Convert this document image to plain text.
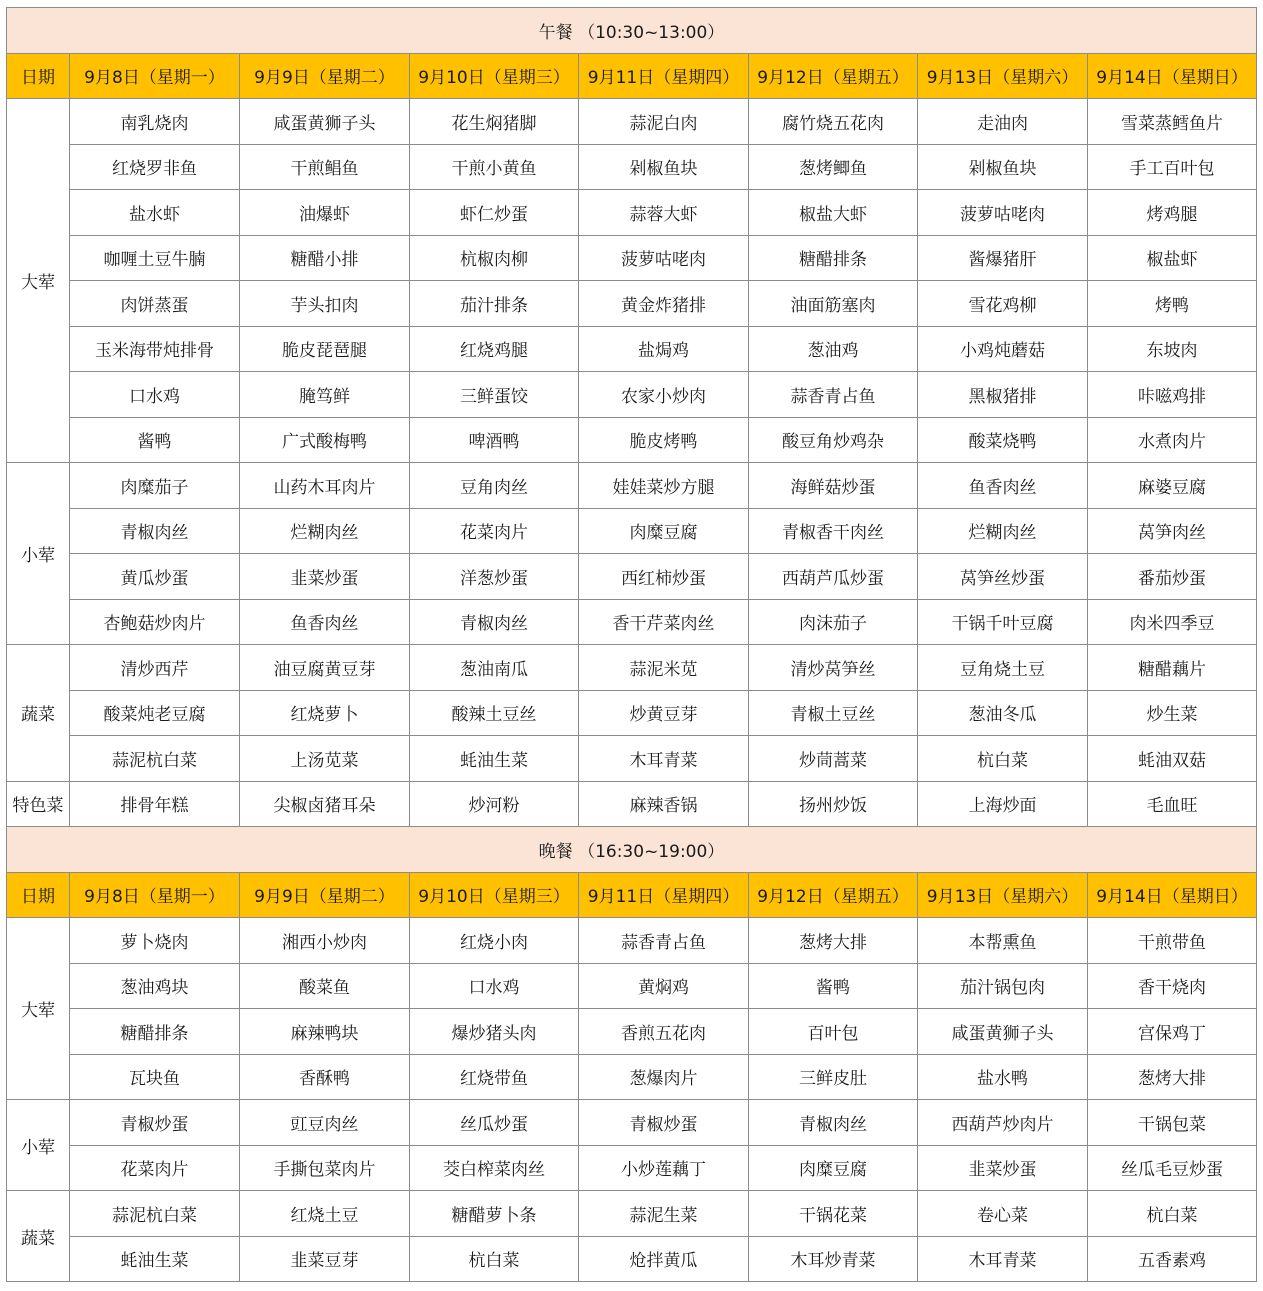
午餐 （10:30~13:00）							
日期	9月8日（星期一）	9月9日（星期二）	9月10日（星期三）	9月11日（星期四）	9月12日（星期五）	9月13日（星期六）	9月14日（星期日）
大荤	南乳烧肉	咸蛋黄狮子头	花生焖猪脚	蒜泥白肉	腐竹烧五花肉	走油肉	雪菜蒸鳕鱼片
	红烧罗非鱼	干煎鲳鱼	干煎小黄鱼	剁椒鱼块	葱烤鲫鱼	剁椒鱼块	手工百叶包
	盐水虾	油爆虾	虾仁炒蛋	蒜蓉大虾	椒盐大虾	菠萝咕咾肉	烤鸡腿
	咖喱土豆牛腩	糖醋小排	杭椒肉柳	菠萝咕咾肉	糖醋排条	酱爆猪肝	椒盐虾
	肉饼蒸蛋	芋头扣肉	茄汁排条	黄金炸猪排	油面筋塞肉	雪花鸡柳	烤鸭
	玉米海带炖排骨	脆皮琵琶腿	红烧鸡腿	盐焗鸡	葱油鸡	小鸡炖蘑菇	东坡肉
	口水鸡	腌笃鲜	三鲜蛋饺	农家小炒肉	蒜香青占鱼	黑椒猪排	咔嗞鸡排
	酱鸭	广式酸梅鸭	啤酒鸭	脆皮烤鸭	酸豆角炒鸡杂	酸菜烧鸭	水煮肉片
小荤	肉糜茄子	山药木耳肉片	豆角肉丝	娃娃菜炒方腿	海鲜菇炒蛋	鱼香肉丝	麻婆豆腐
	青椒肉丝	烂糊肉丝	花菜肉片	肉糜豆腐	青椒香干肉丝	烂糊肉丝	莴笋肉丝
	黄瓜炒蛋	韭菜炒蛋	洋葱炒蛋	西红柿炒蛋	西葫芦瓜炒蛋	莴笋丝炒蛋	番茄炒蛋
	杏鲍菇炒肉片	鱼香肉丝	青椒肉丝	香干芹菜肉丝	肉沫茄子	干锅千叶豆腐	肉米四季豆
蔬菜	清炒西芹	油豆腐黄豆芽	葱油南瓜	蒜泥米苋	清炒莴笋丝	豆角烧土豆	糖醋藕片
	酸菜炖老豆腐	红烧萝卜	酸辣土豆丝	炒黄豆芽	青椒土豆丝	葱油冬瓜	炒生菜
	蒜泥杭白菜	上汤苋菜	蚝油生菜	木耳青菜	炒茼蒿菜	杭白菜	蚝油双菇
特色菜	排骨年糕	尖椒卤猪耳朵	炒河粉	麻辣香锅	扬州炒饭	上海炒面	毛血旺
晚餐 （16:30~19:00）							
日期	9月8日（星期一）	9月9日（星期二）	9月10日（星期三）	9月11日（星期四）	9月12日（星期五）	9月13日（星期六）	9月14日（星期日）
大荤	萝卜烧肉	湘西小炒肉	红烧小肉	蒜香青占鱼	葱烤大排	本帮熏鱼	干煎带鱼
	葱油鸡块	酸菜鱼	口水鸡	黄焖鸡	酱鸭	茄汁锅包肉	香干烧肉
	糖醋排条	麻辣鸭块	爆炒猪头肉	香煎五花肉	百叶包	咸蛋黄狮子头	宫保鸡丁
	瓦块鱼	香酥鸭	红烧带鱼	葱爆肉片	三鲜皮肚	盐水鸭	葱烤大排
小荤	青椒炒蛋	豇豆肉丝	丝瓜炒蛋	青椒炒蛋	青椒肉丝	西葫芦炒肉片	干锅包菜
	花菜肉片	手撕包菜肉片	茭白榨菜肉丝	小炒莲藕丁	肉糜豆腐	韭菜炒蛋	丝瓜毛豆炒蛋
蔬菜	蒜泥杭白菜	红烧土豆	糖醋萝卜条	蒜泥生菜	干锅花菜	卷心菜	杭白菜
	蚝油生菜	韭菜豆芽	杭白菜	炝拌黄瓜	木耳炒青菜	木耳青菜	五香素鸡
